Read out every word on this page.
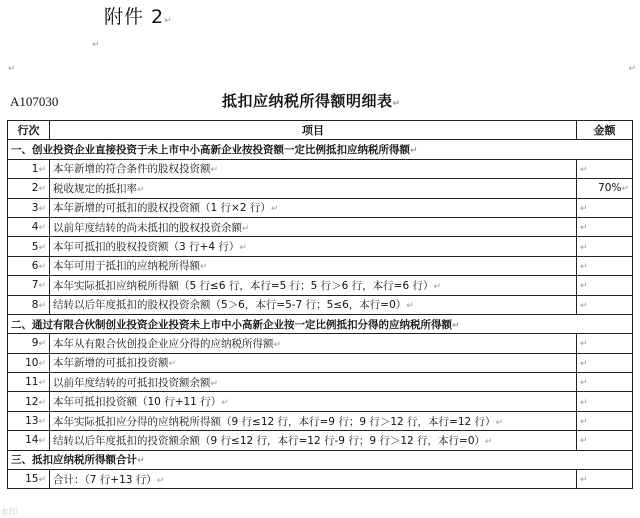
附件 2↵
↵
↵	↵
A107030	抵扣应纳税所得额明细表↵
行次	项目	金额
一、创业投资企业直接投资于未上市中小高新企业按投资额一定比例抵扣应纳税所得额↵		
1↵	本年新增的符合条件的股权投资额↵	↵
2↵	税收规定的抵扣率↵	70%↵
3↵	本年新增的可抵扣的股权投资额（1 行×2 行）↵	↵
4↵	以前年度结转的尚未抵扣的股权投资余额↵	↵
5↵	本年可抵扣的股权投资额（3 行+4 行）↵	↵
6↵	本年可用于抵扣的应纳税所得额↵	↵
7↵	本年实际抵扣应纳税所得额（5 行≤6 行，本行=5 行；5 行＞6 行，本行=6 行）↵	↵
8↵	结转以后年度抵扣的股权投资余额（5＞6，本行=5-7 行；5≤6，本行=0）↵	↵
二、通过有限合伙制创业投资企业投资未上市中小高新企业按一定比例抵扣分得的应纳税所得额↵		
9↵	本年从有限合伙创投企业应分得的应纳税所得额↵	↵
10↵	本年新增的可抵扣投资额↵	↵
11↵	以前年度结转的可抵扣投资额余额↵	↵
12↵	本年可抵扣投资额（10 行+11 行）↵	↵
13↵	本年实际抵扣应分得的应纳税所得额（9 行≤12 行，本行=9 行；9 行＞12 行，本行=12 行）↵	↵
14↵	结转以后年度抵扣的投资额余额（9 行≤12 行，本行=12 行-9 行；9 行＞12 行，本行=0）↵	↵
三、抵扣应纳税所得额合计↵		
15↵	合计：（7 行+13 行）↵	↵
水印
